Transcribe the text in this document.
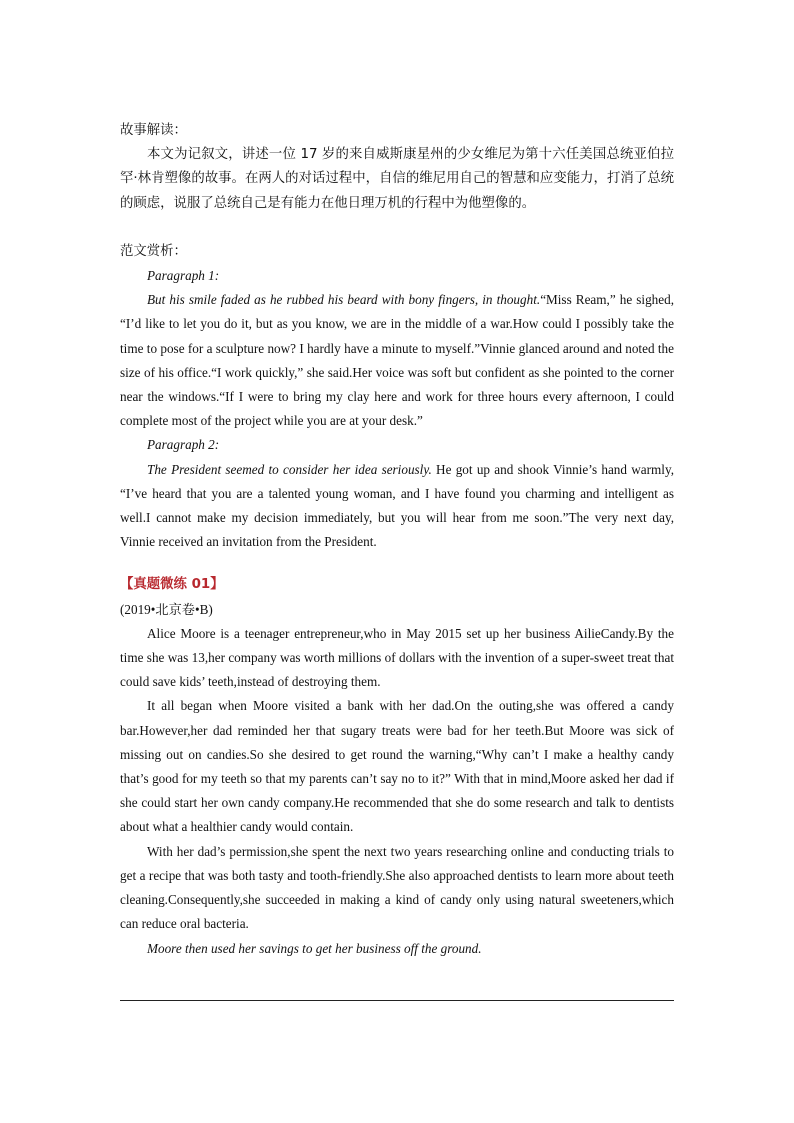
故事解读：

本文为记叙文，讲述一位 17 岁的来自威斯康星州的少女维尼为第十六任美国总统亚伯拉罕·林肯塑像的故事。在两人的对话过程中，自信的维尼用自己的智慧和应变能力，打消了总统的顾虑，说服了总统自己是有能力在他日理万机的行程中为他塑像的。

范文赏析：

Paragraph 1:

But his smile faded as he rubbed his beard with bony fingers, in thought.“Miss Ream,” he sighed, “I’d like to let you do it, but as you know, we are in the middle of a war.How could I possibly take the time to pose for a sculpture now? I hardly have a minute to myself.”Vinnie glanced around and noted the size of his office.“I work quickly,” she said.Her voice was soft but confident as she pointed to the corner near the windows.“If I were to bring my clay here and work for three hours every afternoon, I could complete most of the project while you are at your desk.”

Paragraph 2:

The President seemed to consider her idea seriously. He got up and shook Vinnie’s hand warmly, “I’ve heard that you are a talented young woman, and I have found you charming and intelligent as well.I cannot make my decision immediately, but you will hear from me soon.”The very next day, Vinnie received an invitation from the President.

【真题微练 01】

(2019•北京卷•B)

Alice Moore is a teenager entrepreneur,who in May 2015 set up her business AilieCandy.By the time she was 13,her company was worth millions of dollars with the invention of a super-sweet treat that could save kids’ teeth,instead of destroying them.

It all began when Moore visited a bank with her dad.On the outing,she was offered a candy bar.However,her dad reminded her that sugary treats were bad for her teeth.But Moore was sick of missing out on candies.So she desired to get round the warning,“Why can’t I make a healthy candy that’s good for my teeth so that my parents can’t say no to it?” With that in mind,Moore asked her dad if she could start her own candy company.He recommended that she do some research and talk to dentists about what a healthier candy would contain.

With her dad’s permission,she spent the next two years researching online and conducting trials to get a recipe that was both tasty and tooth-friendly.She also approached dentists to learn more about teeth cleaning.Consequently,she succeeded in making a kind of candy only using natural sweeteners,which can reduce oral bacteria.

Moore then used her savings to get her business off the ground.
